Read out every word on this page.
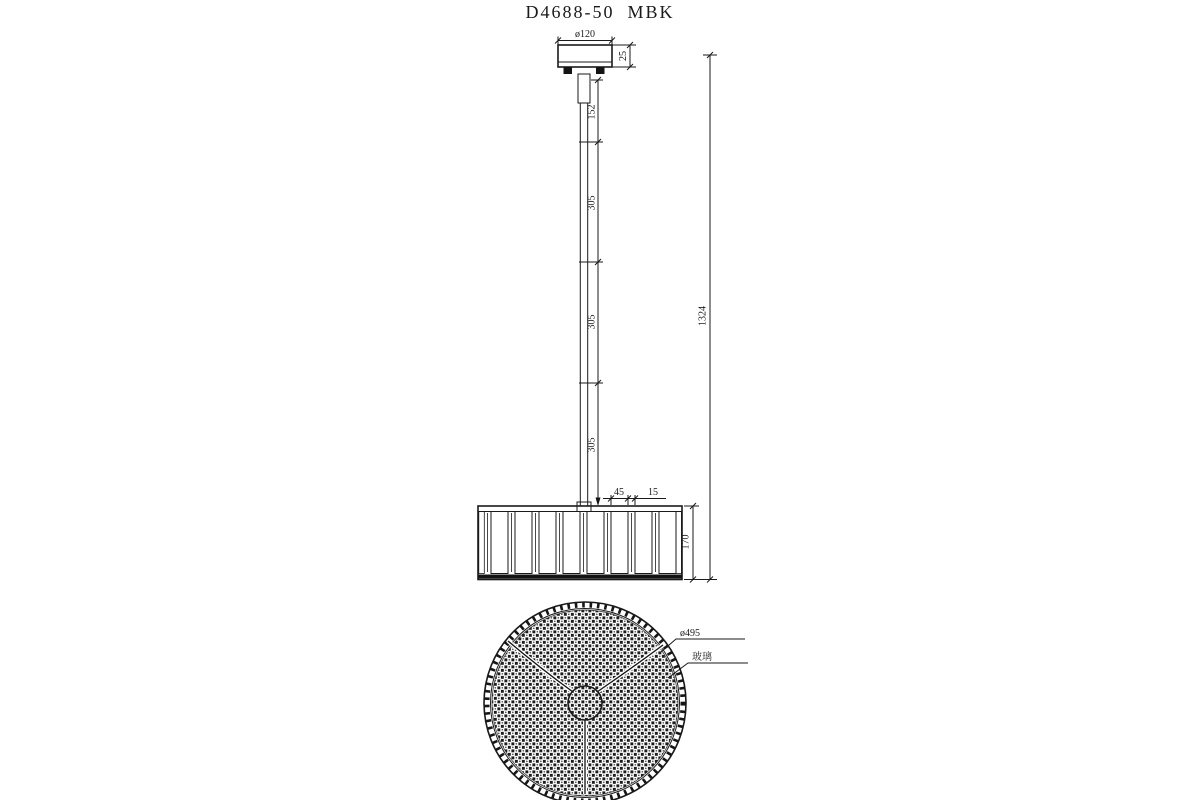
D4688-50  MBK
ø120
25
152
305
305
305
1324
45 15
170
ø495
玻璃
